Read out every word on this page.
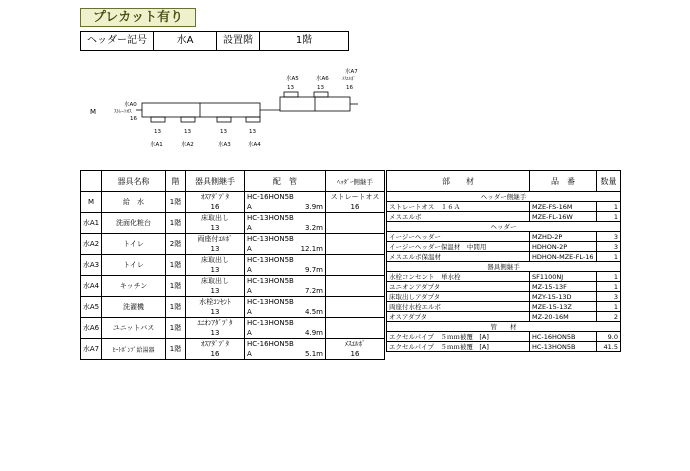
プレカット有り
ヘッダー記号	水A	設置階	1階
M
水A0
ｽﾄﾚｰﾄｵｽ
16
13
水A1
13
水A2
13
水A3
13
水A4
水A5
13
水A6
13
水A7
ﾒｽｴﾙﾎﾞ
16
	器具名称	階	器具側継手	配　管	ﾍｯﾀﾞｰ側継手
M	給　水	1階	ｵｽｱﾀﾞﾌﾟﾀ	HC-16HON5B	ストレートオス
			16	A 3.9m	16
水A1	洗面化粧台	1階	床取出し	HC-13HON5B	
			13	A 3.2m	

水A2	トイレ	2階	両座付ｴﾙﾎﾞ	HC-13HON5B	
			13	A 12.1m	

水A3	トイレ	1階	床取出し	HC-13HON5B	
			13	A 9.7m	

水A4	キッチン	1階	床取出し	HC-13HON5B	
			13	A 7.2m	

水A5	洗濯機	1階	水栓ｺﾝｾﾝﾄ	HC-13HON5B	
			13	A 4.5m	

水A6	ユニットバス	1階	ﾕﾆｵﾝｱﾀﾞﾌﾟﾀ	HC-13HON5B	
			13	A 4.9m	

水A7	ﾋｰﾄﾎﾟﾝﾌﾟ給湯器	1階	ｵｽｱﾀﾞﾌﾟﾀ	HC-16HON5B	ﾒｽｴﾙﾎﾞ
			16	A 5.1m	16
部　　材	品　番	数量
ヘッダー側継手		
ストレートオス　１６Ａ	MZE-FS-16M	1
メスエルボ	MZE-FL-16W	1
ヘッダー		
イージーヘッダー	MZHD-2P	3
イージーヘッダー保温材　中間用	HDHON-2P	3
メスエルボ保温材	HDHON-MZE-FL-16	1
器具側継手		
水栓コンセント　単水栓	SF1100NJ	1
ユニオンアダプタ	MZ-15-13F	1
床取出しアダプタ	MZY-15-13D	3
両座付水栓エルボ	MZE-15-13Z	1
オスアダプタ	MZ-20-16M	2
管　　材		
エクセルパイプ　５ｍｍ被覆　[A]	HC-16HON5B	9.0
エクセルパイプ　５ｍｍ被覆　[A]	HC-13HON5B	41.5
